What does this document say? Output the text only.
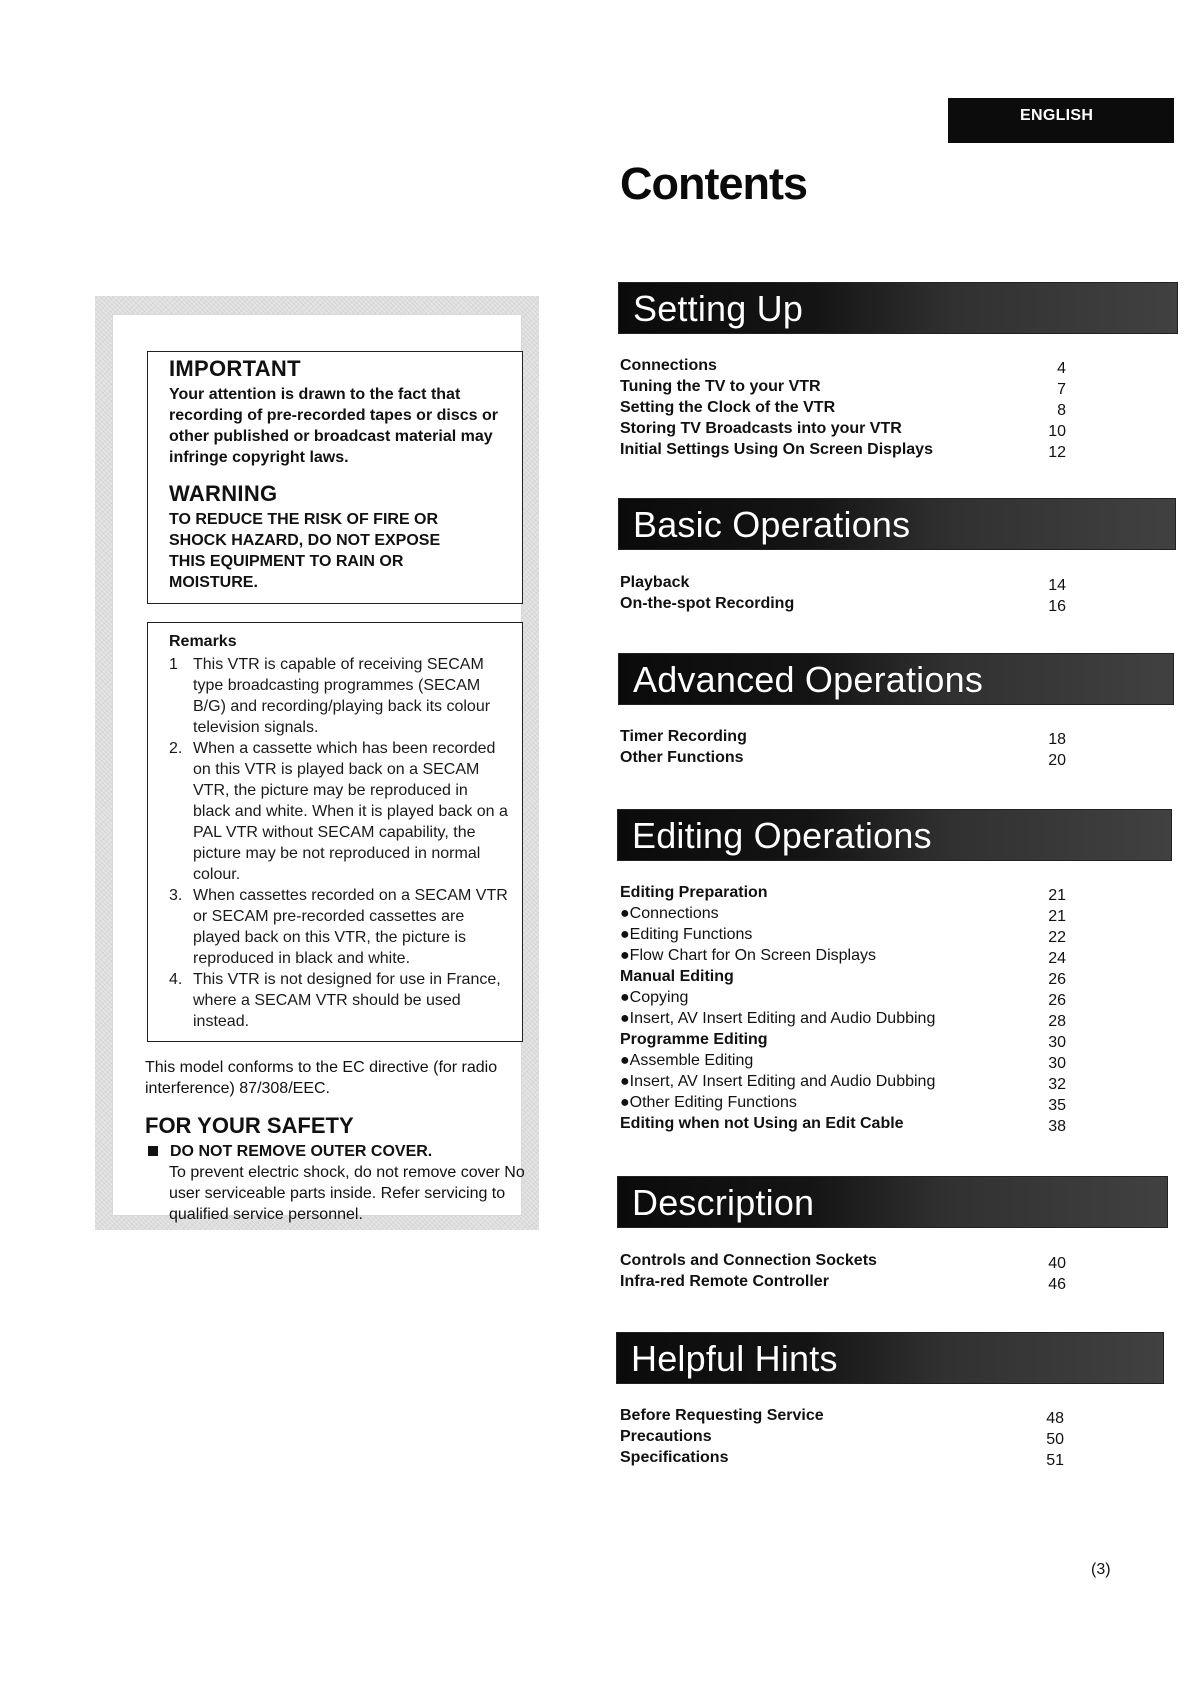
ENGLISH
Contents
IMPORTANT

Your attention is drawn to the fact that recording of pre-recorded tapes or discs or other published or broadcast material may infringe copyright laws.

WARNING

TO REDUCE THE RISK OF FIRE OR SHOCK HAZARD, DO NOT EXPOSE THIS EQUIPMENT TO RAIN OR MOISTURE.

Remarks
1 This VTR is capable of receiving SECAM type broadcasting programmes (SECAM B/G) and recording/playing back its colour television signals.
2. When a cassette which has been recorded on this VTR is played back on a SECAM VTR, the picture may be reproduced in black and white. When it is played back on a PAL VTR without SECAM capability, the picture may be not reproduced in normal colour.
3. When cassettes recorded on a SECAM VTR or SECAM pre-recorded cassettes are played back on this VTR, the picture is reproduced in black and white.
4. This VTR is not designed for use in France, where a SECAM VTR should be used instead.

This model conforms to the EC directive (for radio interference) 87/308/EEC.

FOR YOUR SAFETY
DO NOT REMOVE OUTER COVER.
To prevent electric shock, do not remove cover No user serviceable parts inside. Refer servicing to qualified service personnel.
Setting Up
Connections	4
Tuning the TV to your VTR	7
Setting the Clock of the VTR	8
Storing TV Broadcasts into your VTR	10
Initial Settings Using On Screen Displays	12
Basic Operations
Playback	14
On-the-spot Recording	16
Advanced Operations
Timer Recording	18
Other Functions	20
Editing Operations
Editing Preparation	21
●Connections	21
●Editing Functions	22
●Flow Chart for On Screen Displays	24
Manual Editing	26
●Copying	26
●Insert, AV Insert Editing and Audio Dubbing	28
Programme Editing	30
●Assemble Editing	30
●Insert, AV Insert Editing and Audio Dubbing	32
●Other Editing Functions	35
Editing when not Using an Edit Cable	38
Description
Controls and Connection Sockets	40
Infra-red Remote Controller	46
Helpful Hints
Before Requesting Service	48
Precautions	50
Specifications	51

(3)
